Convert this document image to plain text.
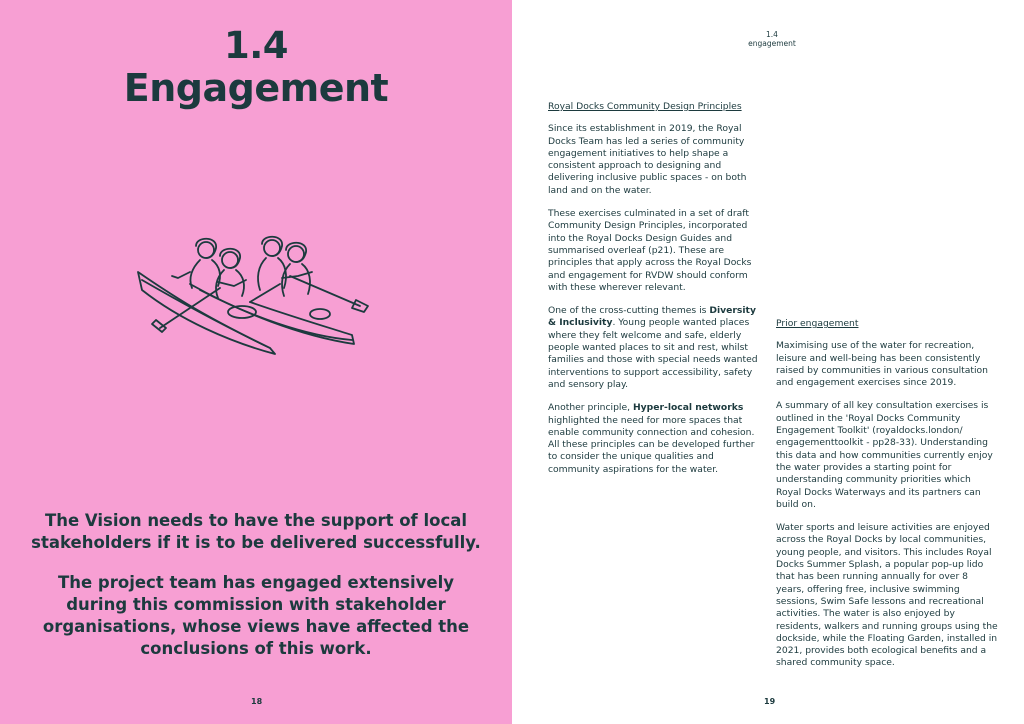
1.4
Engagement
The Vision needs to have the support of local stakeholders if it is to be delivered successfully.
The project team has engaged extensively during this commission with stakeholder organisations, whose views have affected the conclusions of this work.
18
1.4
engagement
Royal Docks Community Design Principles

Since its establishment in 2019, the Royal Docks Team has led a series of community engagement initiatives to help shape a consistent approach to designing and delivering inclusive public spaces - on both land and on the water.

These exercises culminated in a set of draft Community Design Principles, incorporated into the Royal Docks Design Guides and summarised overleaf (p21). These are principles that apply across the Royal Docks and engagement for RVDW should conform with these wherever relevant.

One of the cross-cutting themes is Diversity & Inclusivity. Young people wanted places where they felt welcome and safe, elderly people wanted places to sit and rest, whilst families and those with special needs wanted interventions to support accessibility, safety and sensory play.

Another principle, Hyper-local networks highlighted the need for more spaces that enable community connection and cohesion. All these principles can be developed further to consider the unique qualities and community aspirations for the water.

Prior engagement

Maximising use of the water for recreation, leisure and well-being has been consistently raised by communities in various consultation and engagement exercises since 2019.

A summary of all key consultation exercises is outlined in the 'Royal Docks Community Engagement Toolkit' (royaldocks.london/ engagementtoolkit - pp28-33). Understanding this data and how communities currently enjoy the water provides a starting point for understanding community priorities which Royal Docks Waterways and its partners can build on.

Water sports and leisure activities are enjoyed across the Royal Docks by local communities, young people, and visitors. This includes Royal Docks Summer Splash, a popular pop-up lido that has been running annually for over 8 years, offering free, inclusive swimming sessions, Swim Safe lessons and recreational activities. The water is also enjoyed by residents, walkers and running groups using the dockside, while the Floating Garden, installed in 2021, provides both ecological benefits and a shared community space.

19
